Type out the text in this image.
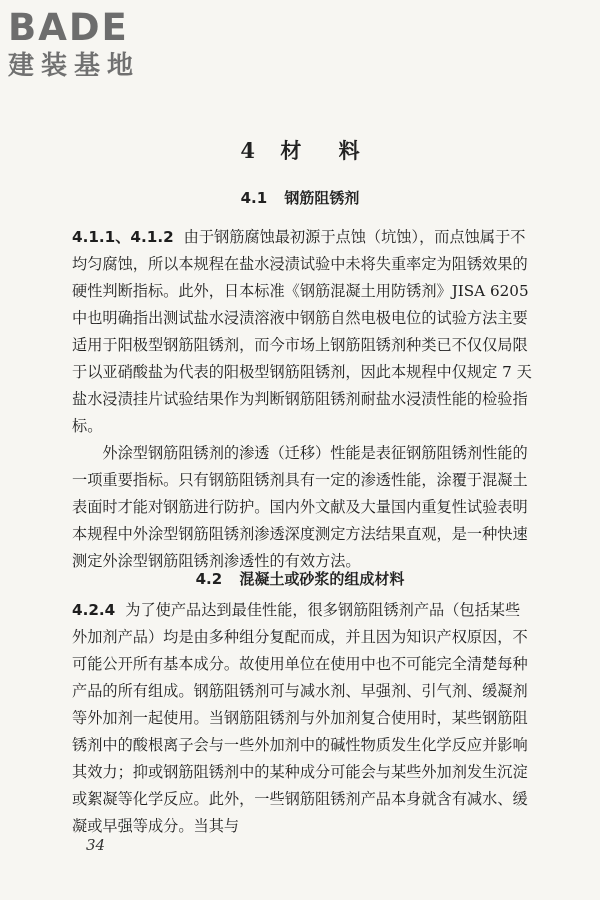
BADE
建装基地
4 材 料
4.1 钢筋阻锈剂

4.1.1、4.1.2 由于钢筋腐蚀最初源于点蚀（坑蚀），而点蚀属于不均匀腐蚀，所以本规程在盐水浸渍试验中未将失重率定为阻锈效果的硬性判断指标。此外，日本标准《钢筋混凝土用防锈剂》JISA 6205 中也明确指出测试盐水浸渍溶液中钢筋自然电极电位的试验方法主要适用于阳极型钢筋阻锈剂，而今市场上钢筋阻锈剂种类已不仅仅局限于以亚硝酸盐为代表的阳极型钢筋阻锈剂，因此本规程中仅规定 7 天盐水浸渍挂片试验结果作为判断钢筋阻锈剂耐盐水浸渍性能的检验指标。

外涂型钢筋阻锈剂的渗透（迁移）性能是表征钢筋阻锈剂性能的一项重要指标。只有钢筋阻锈剂具有一定的渗透性能，涂覆于混凝土表面时才能对钢筋进行防护。国内外文献及大量国内重复性试验表明本规程中外涂型钢筋阻锈剂渗透深度测定方法结果直观，是一种快速测定外涂型钢筋阻锈剂渗透性的有效方法。

4.2 混凝土或砂浆的组成材料

4.2.4 为了使产品达到最佳性能，很多钢筋阻锈剂产品（包括某些外加剂产品）均是由多种组分复配而成，并且因为知识产权原因，不可能公开所有基本成分。故使用单位在使用中也不可能完全清楚每种产品的所有组成。钢筋阻锈剂可与减水剂、早强剂、引气剂、缓凝剂等外加剂一起使用。当钢筋阻锈剂与外加剂复合使用时，某些钢筋阻锈剂中的酸根离子会与一些外加剂中的碱性物质发生化学反应并影响其效力；抑或钢筋阻锈剂中的某种成分可能会与某些外加剂发生沉淀或絮凝等化学反应。此外，一些钢筋阻锈剂产品本身就含有减水、缓凝或早强等成分。当其与

34
